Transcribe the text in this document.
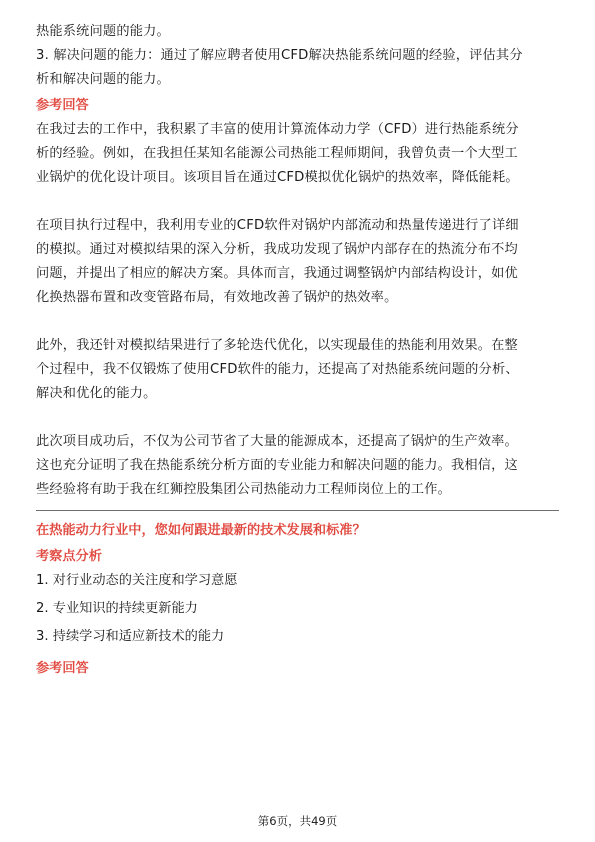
热能系统问题的能力。

3. 解决问题的能力：通过了解应聘者使用CFD解决热能系统问题的经验，评估其分

析和解决问题的能力。

参考回答

在我过去的工作中，我积累了丰富的使用计算流体动力学（CFD）进行热能系统分

析的经验。例如，在我担任某知名能源公司热能工程师期间，我曾负责一个大型工

业锅炉的优化设计项目。该项目旨在通过CFD模拟优化锅炉的热效率，降低能耗。

在项目执行过程中，我利用专业的CFD软件对锅炉内部流动和热量传递进行了详细

的模拟。通过对模拟结果的深入分析，我成功发现了锅炉内部存在的热流分布不均

问题，并提出了相应的解决方案。具体而言，我通过调整锅炉内部结构设计，如优

化换热器布置和改变管路布局，有效地改善了锅炉的热效率。

此外，我还针对模拟结果进行了多轮迭代优化，以实现最佳的热能利用效果。在整

个过程中，我不仅锻炼了使用CFD软件的能力，还提高了对热能系统问题的分析、

解决和优化的能力。

此次项目成功后，不仅为公司节省了大量的能源成本，还提高了锅炉的生产效率。

这也充分证明了我在热能系统分析方面的专业能力和解决问题的能力。我相信，这

些经验将有助于我在红狮控股集团公司热能动力工程师岗位上的工作。

在热能动力行业中，您如何跟进最新的技术发展和标准？
考察点分析

1. 对行业动态的关注度和学习意愿

2. 专业知识的持续更新能力

3. 持续学习和适应新技术的能力

参考回答
第6页，共49页
